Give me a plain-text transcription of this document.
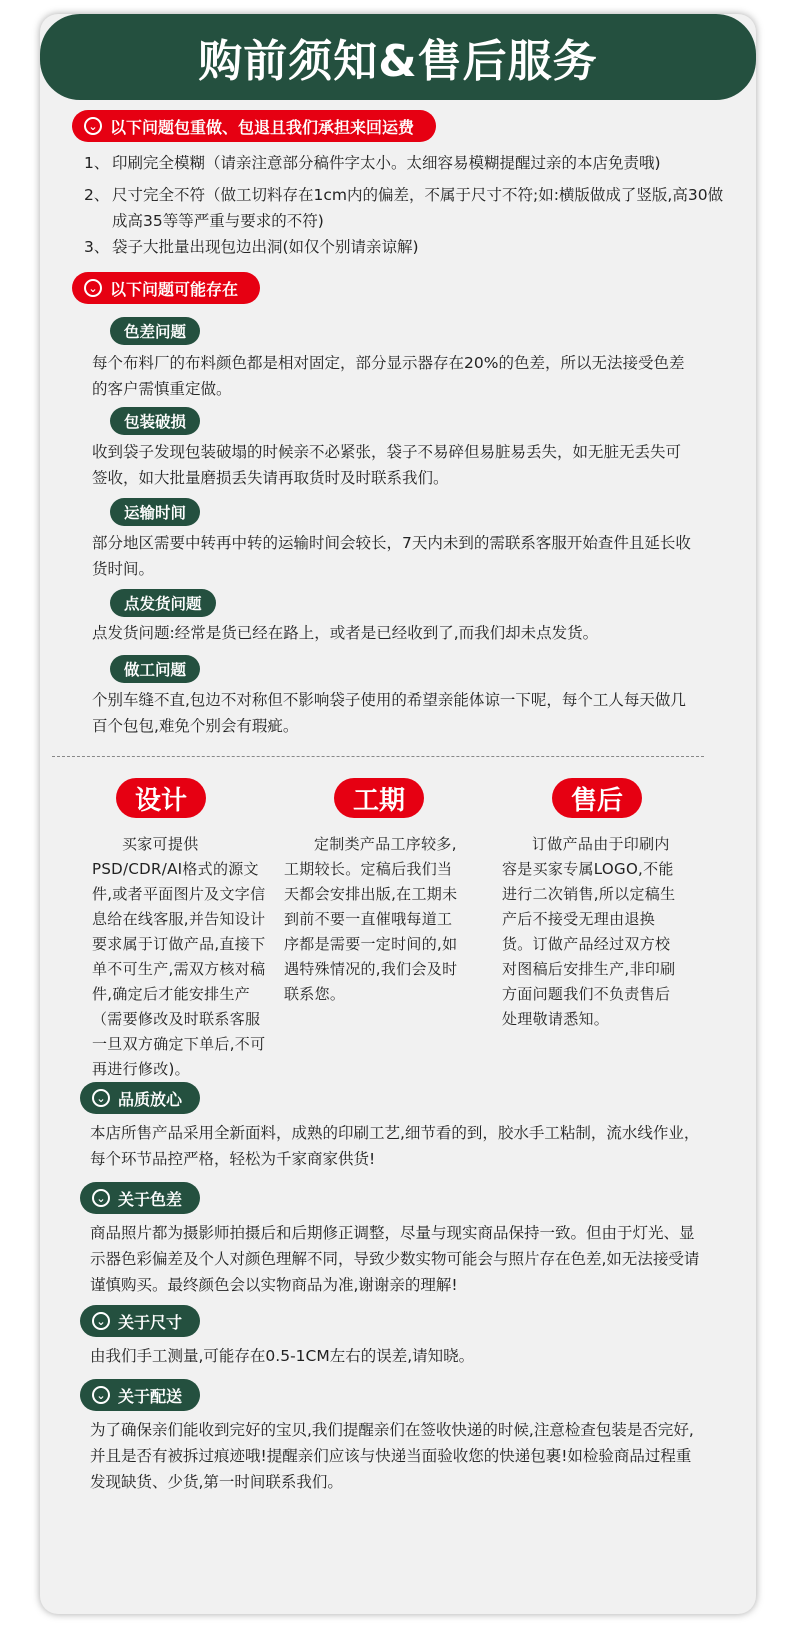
购前须知&售后服务
⌄ 以下问题包重做、包退且我们承担来回运费
1、 印刷完全模糊（请亲注意部分稿件字太小。太细容易模糊提醒过亲的本店免责哦)
2、 尺寸完全不符（做工切料存在1cm内的偏差，不属于尺寸不符;如:横版做成了竖版,高30做成高35等等严重与要求的不符)
3、 袋子大批量出现包边出洞(如仅个别请亲谅解)
⌄ 以下问题可能存在
色差问题
每个布料厂的布料颜色都是相对固定，部分显示器存在20%的色差，所以无法接受色差的客户需慎重定做。
包装破损
收到袋子发现包装破塌的时候亲不必紧张，袋子不易碎但易脏易丢失，如无脏无丢失可签收，如大批量磨损丢失请再取货时及时联系我们。
运输时间
部分地区需要中转再中转的运输时间会较长，7天内未到的需联系客服开始查件且延长收货时间。
点发货问题
点发货问题:经常是货已经在路上，或者是已经收到了,而我们却未点发货。
做工问题
个别车缝不直,包边不对称但不影响袋子使用的希望亲能体谅一下呢，每个工人每天做几百个包包,难免个别会有瑕疵。
设计
买家可提供PSD/CDR/AI格式的源文件,或者平面图片及文字信息给在线客服,并告知设计要求属于订做产品,直接下单不可生产,需双方核对稿件,确定后才能安排生产（需要修改及时联系客服一旦双方确定下单后,不可再进行修改)。
工期
定制类产品工序较多,工期较长。定稿后我们当天都会安排出版,在工期未到前不要一直催哦每道工序都是需要一定时间的,如遇特殊情况的,我们会及时联系您。
售后
订做产品由于印刷内容是买家专属LOGO,不能进行二次销售,所以定稿生产后不接受无理由退换货。订做产品经过双方校对图稿后安排生产,非印刷方面问题我们不负责售后处理敬请悉知。
⌄ 品质放心
本店所售产品采用全新面料，成熟的印刷工艺,细节看的到，胶水手工粘制，流水线作业，每个环节品控严格，轻松为千家商家供货!
⌄ 关于色差
商品照片都为摄影师拍摄后和后期修正调整，尽量与现实商品保持一致。但由于灯光、显示器色彩偏差及个人对颜色理解不同，导致少数实物可能会与照片存在色差,如无法接受请谨慎购买。最终颜色会以实物商品为准,谢谢亲的理解!
⌄ 关于尺寸
由我们手工测量,可能存在0.5-1CM左右的误差,请知晓。
⌄ 关于配送
为了确保亲们能收到完好的宝贝,我们提醒亲们在签收快递的时候,注意检查包装是否完好,并且是否有被拆过痕迹哦!提醒亲们应该与快递当面验收您的快递包裹!如检验商品过程重发现缺货、少货,第一时间联系我们。
